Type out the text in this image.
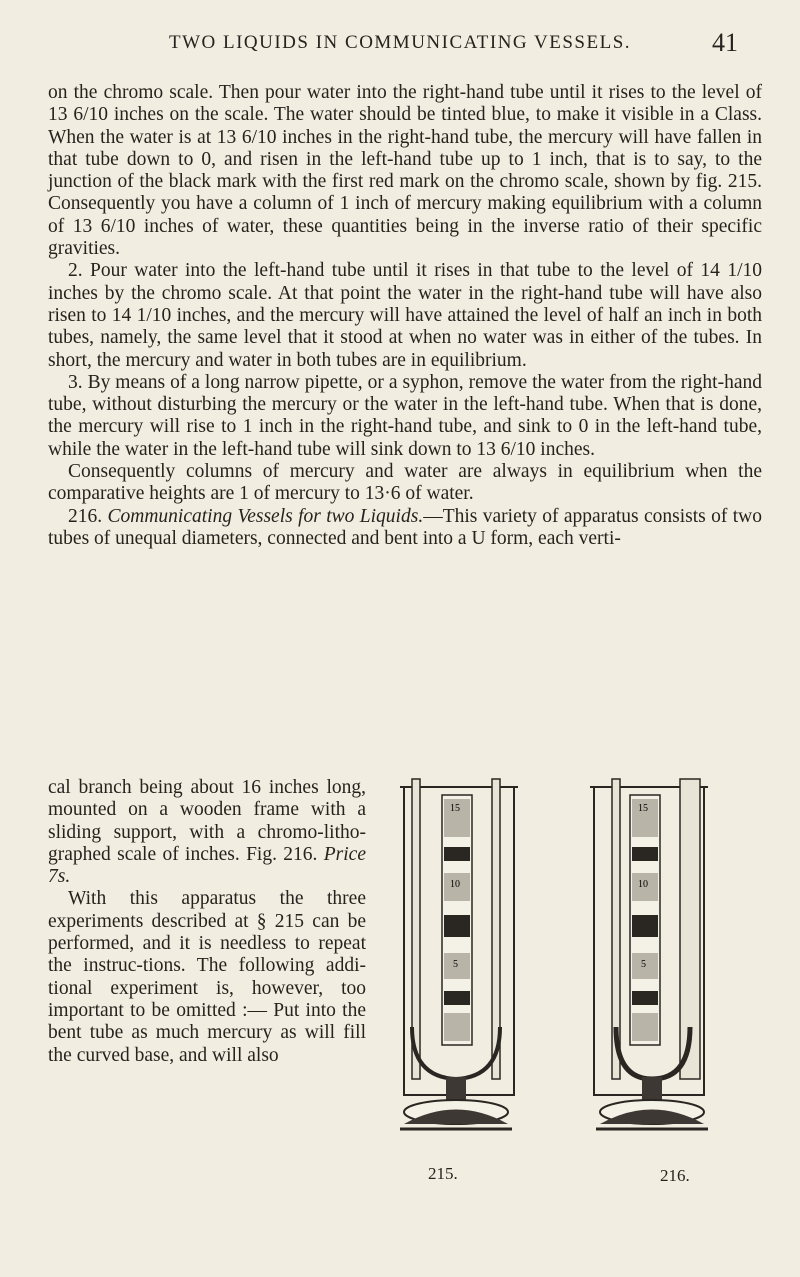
TWO LIQUIDS IN COMMUNICATING VESSELS.	41

on the chromo scale. Then pour water into the right-hand tube until it rises to the level of 13 6/10 inches on the scale. The water should be tinted blue, to make it visible in a Class. When the water is at 13 6/10 inches in the right-hand tube, the mercury will have fallen in that tube down to 0, and risen in the left-hand tube up to 1 inch, that is to say, to the junction of the black mark with the first red mark on the chromo scale, shown by fig. 215. Consequently you have a column of 1 inch of mercury making equilibrium with a column of 13 6/10 inches of water, these quantities being in the inverse ratio of their specific gravities.

2. Pour water into the left-hand tube until it rises in that tube to the level of 14 1/10 inches by the chromo scale. At that point the water in the right-hand tube will have also risen to 14 1/10 inches, and the mercury will have attained the level of half an inch in both tubes, namely, the same level that it stood at when no water was in either of the tubes. In short, the mercury and water in both tubes are in equilibrium.

3. By means of a long narrow pipette, or a syphon, remove the water from the right-hand tube, without disturbing the mercury or the water in the left-hand tube. When that is done, the mercury will rise to 1 inch in the right-hand tube, and sink to 0 in the left-hand tube, while the water in the left-hand tube will sink down to 13 6/10 inches.

Consequently columns of mercury and water are always in equilibrium when the comparative heights are 1 of mercury to 13·6 of water.

216. Communicating Vessels for two Liquids.—This variety of apparatus consists of two tubes of unequal diameters, connected and bent into a U form, each verti-

cal branch being about 16 inches long, mounted on a wooden frame with a sliding support, with a chromo-litho-graphed scale of inches. Fig. 216. Price 7s.

With this apparatus the three experiments described at § 215 can be performed, and it is needless to repeat the instruc-tions. The following addi-tional experiment is, however, too important to be omitted :— Put into the bent tube as much mercury as will fill the curved base, and will also

15
10
5
15
10
5
215.	216.
